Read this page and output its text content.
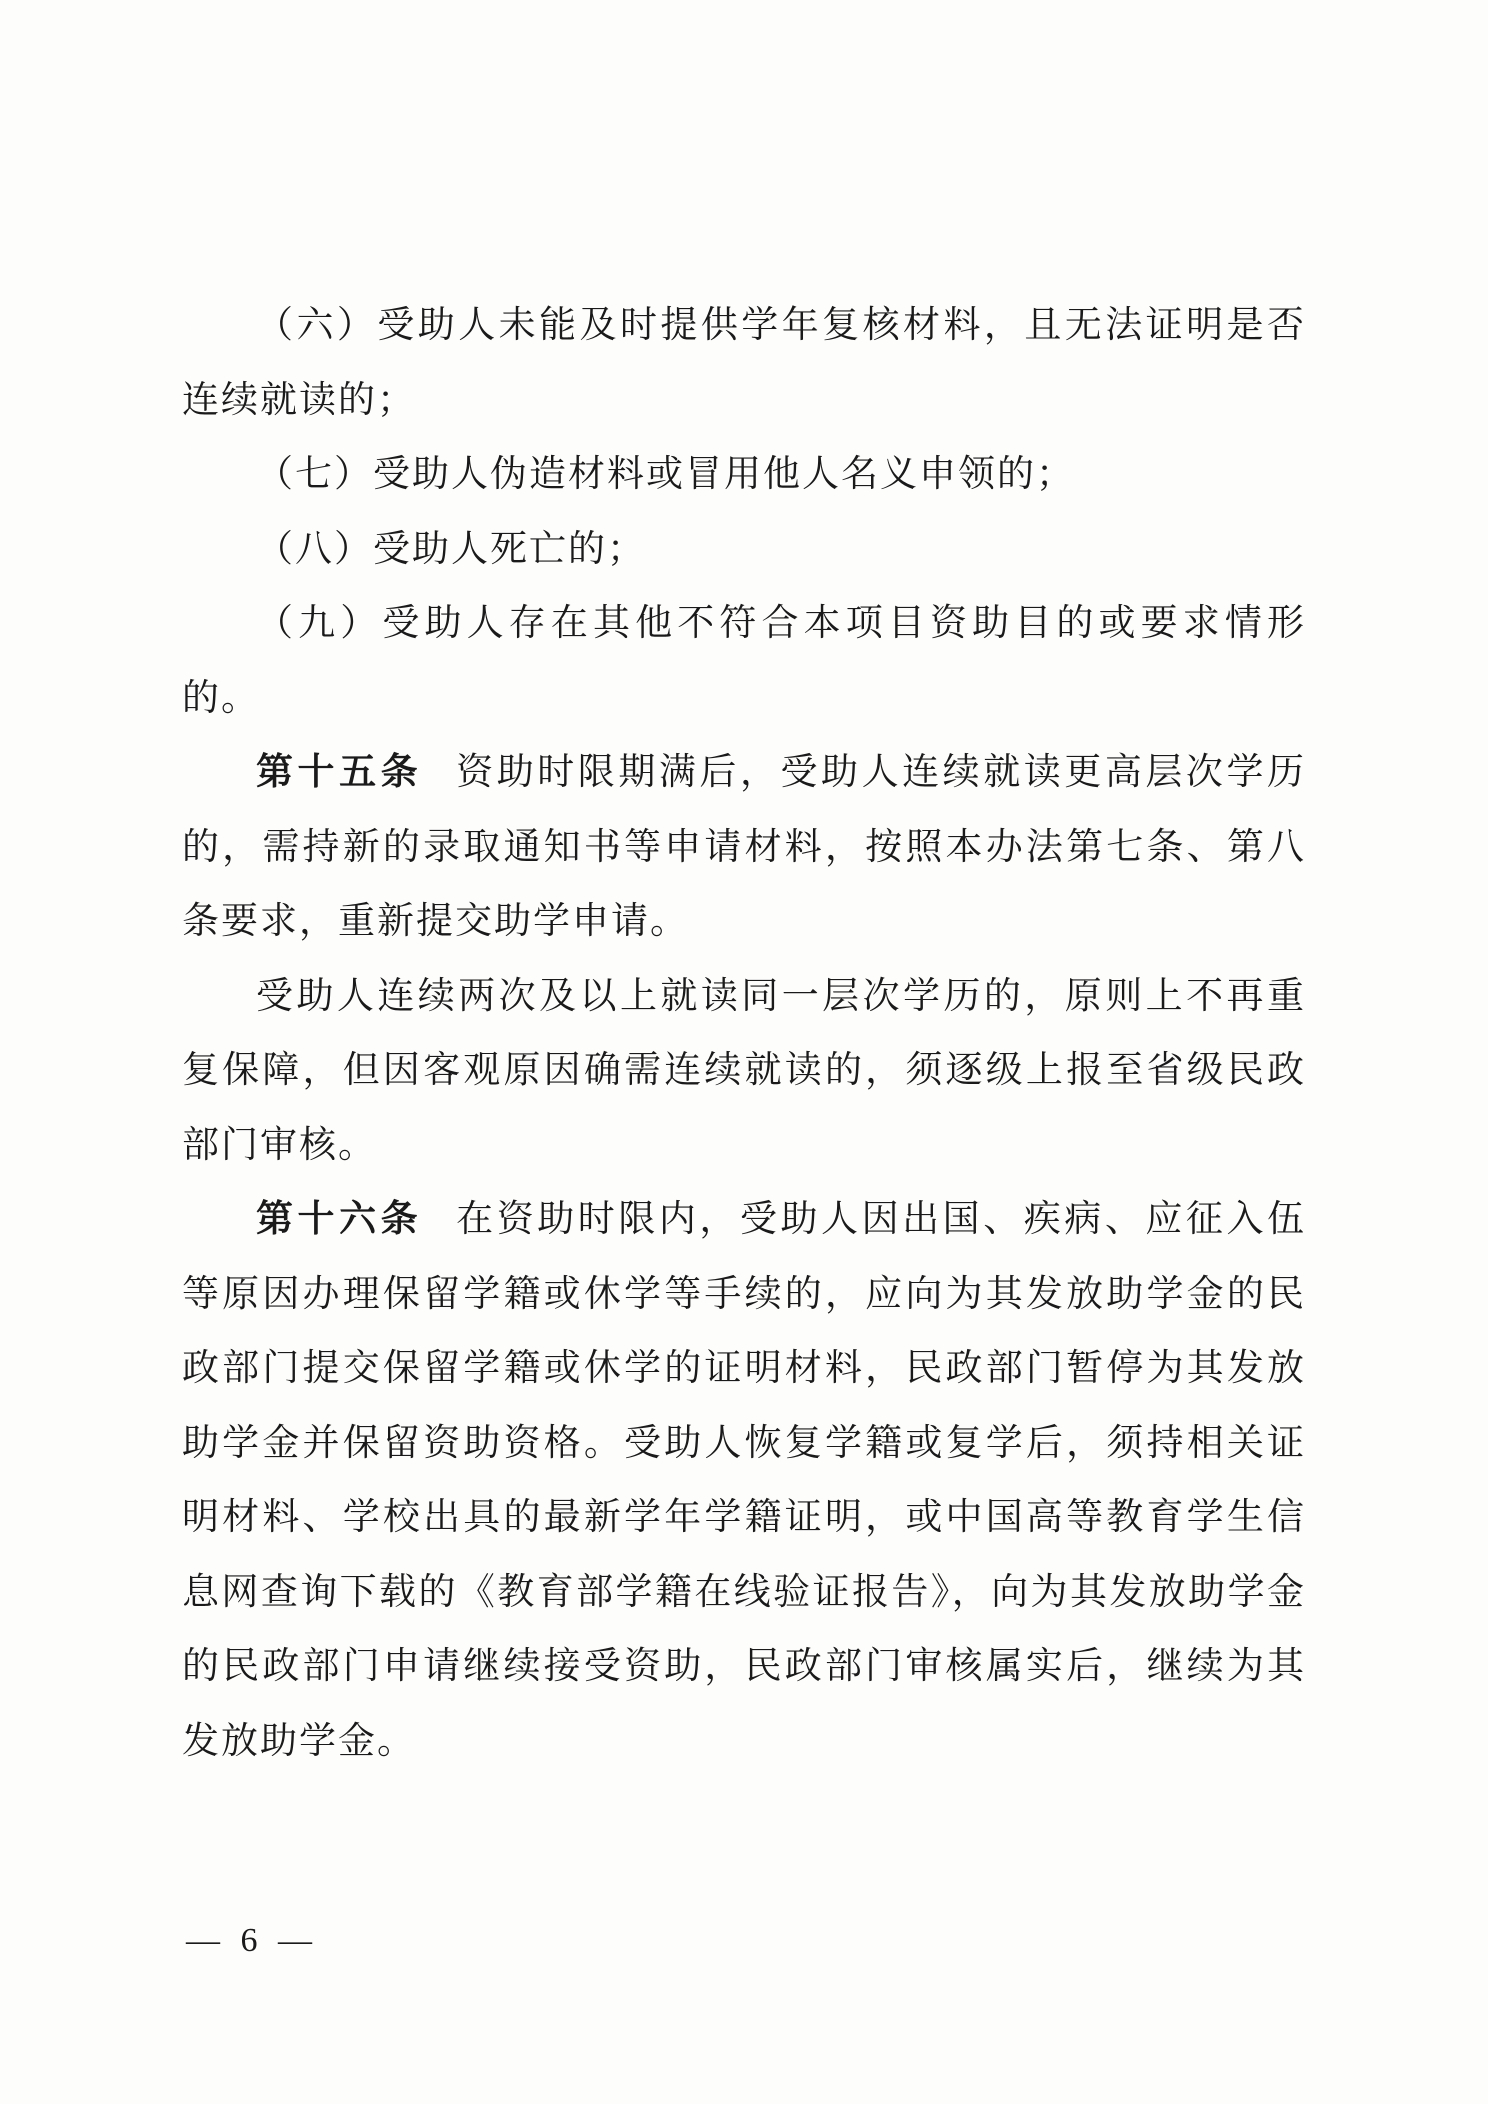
（六）受助人未能及时提供学年复核材料，且无法证明是否连续就读的；

（七）受助人伪造材料或冒用他人名义申领的；

（八）受助人死亡的；

（九）受助人存在其他不符合本项目资助目的或要求情形的。

第十五条 资助时限期满后，受助人连续就读更高层次学历的，需持新的录取通知书等申请材料，按照本办法第七条、第八条要求，重新提交助学申请。

受助人连续两次及以上就读同一层次学历的，原则上不再重复保障，但因客观原因确需连续就读的，须逐级上报至省级民政部门审核。

第十六条 在资助时限内，受助人因出国、疾病、应征入伍等原因办理保留学籍或休学等手续的，应向为其发放助学金的民政部门提交保留学籍或休学的证明材料，民政部门暂停为其发放助学金并保留资助资格。受助人恢复学籍或复学后，须持相关证明材料、学校出具的最新学年学籍证明，或中国高等教育学生信息网查询下载的《教育部学籍在线验证报告》，向为其发放助学金的民政部门申请继续接受资助，民政部门审核属实后，继续为其发放助学金。

— 6 —
